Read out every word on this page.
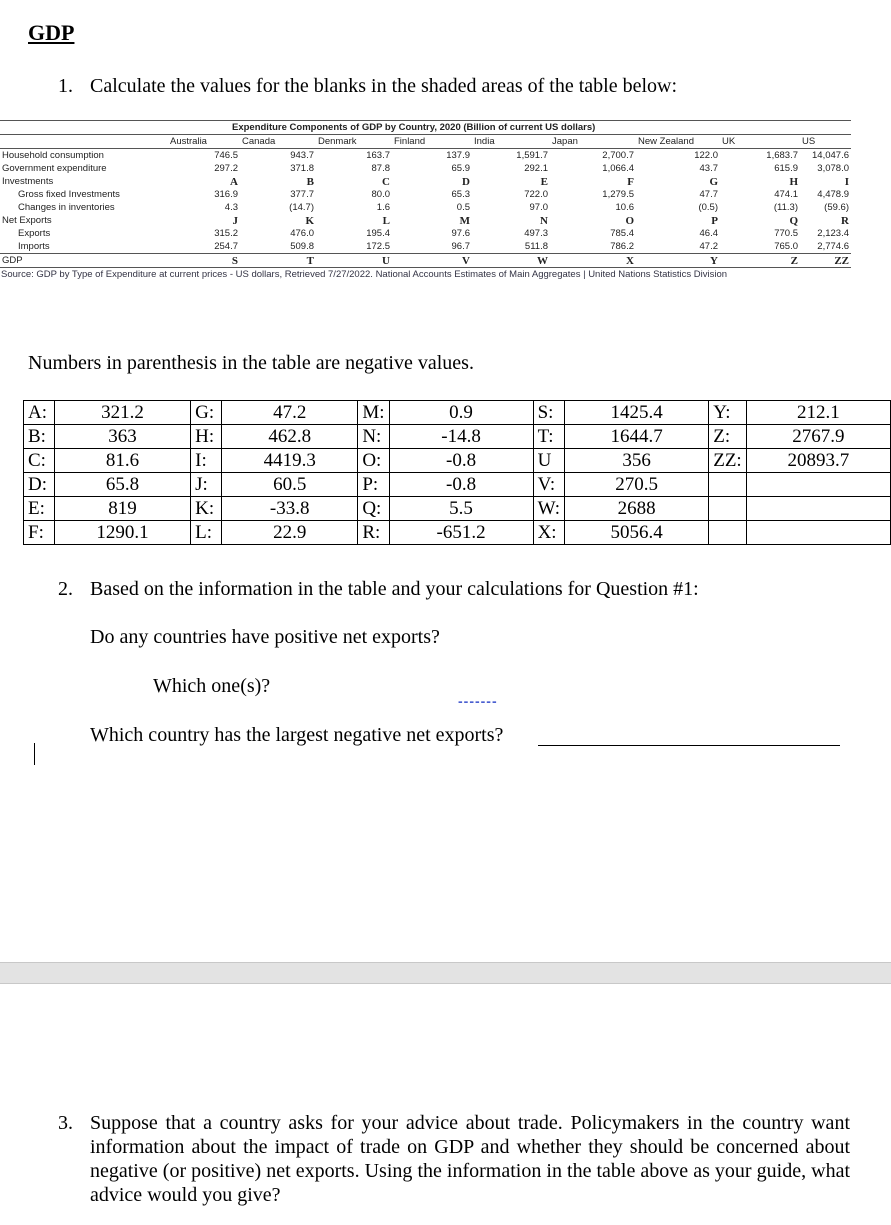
GDP
1. Calculate the values for the blanks in the shaded areas of the table below:
Expenditure Components of GDP by Country, 2020 (Billion of current US dollars)									
	Australia	Canada	Denmark	Finland	India	Japan	New Zealand	UK	US
Household consumption	746.5	943.7	163.7	137.9	1,591.7	2,700.7	122.0	1,683.7	14,047.6
Government expenditure	297.2	371.8	87.8	65.9	292.1	1,066.4	43.7	615.9	3,078.0
Investments	A	B	C	D	E	F	G	H	I
Gross fixed Investments	316.9	377.7	80.0	65.3	722.0	1,279.5	47.7	474.1	4,478.9
Changes in inventories	4.3	(14.7)	1.6	0.5	97.0	10.6	(0.5)	(11.3)	(59.6)
Net Exports	J	K	L	M	N	O	P	Q	R
Exports	315.2	476.0	195.4	97.6	497.3	785.4	46.4	770.5	2,123.4
Imports	254.7	509.8	172.5	96.7	511.8	786.2	47.2	765.0	2,774.6
GDP	S	T	U	V	W	X	Y	Z	ZZ
Source: GDP by Type of Expenditure at current prices - US dollars, Retrieved 7/27/2022. National Accounts Estimates of Main Aggregates | United Nations Statistics Division
Numbers in parenthesis in the table are negative values.
A:	321.2	G:	47.2	M:	0.9	S:	1425.4	Y:	212.1
B:	363	H:	462.8	N:	-14.8	T:	1644.7	Z:	2767.9
C:	81.6	I:	4419.3	O:	-0.8	U	356	ZZ:	20893.7
D:	65.8	J:	60.5	P:	-0.8	V:	270.5		
E:	819	K:	-33.8	Q:	5.5	W:	2688		
F:	1290.1	L:	22.9	R:	-651.2	X:	5056.4		
2. Based on the information in the table and your calculations for Question #1:
Do any countries have positive net exports?
Which one(s)?
-------
Which country has the largest negative net exports?
3. Suppose that a country asks for your advice about trade. Policymakers in the country want information about the impact of trade on GDP and whether they should be concerned about negative (or positive) net exports. Using the information in the table above as your guide, what advice would you give?
